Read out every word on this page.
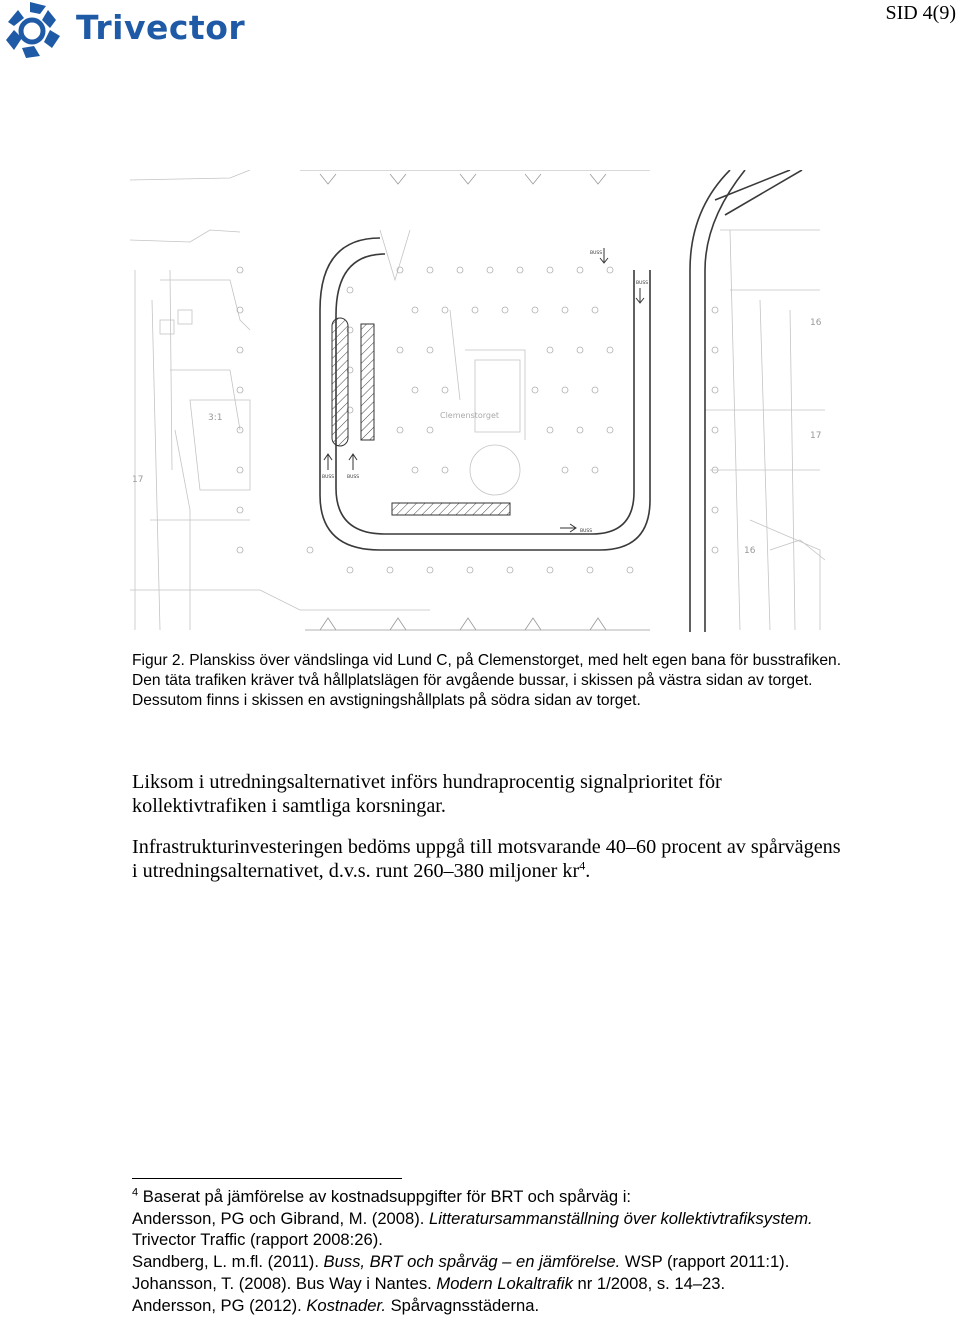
Trivector	SID 4(9)
Clemenstorget
BUSS	BUSS
BUSS
BUSS
BUSS
16
17
16
3:1
17
Figur 2. Planskiss över vändslinga vid Lund C, på Clemenstorget, med helt egen bana för busstrafiken. Den täta trafiken kräver två hållplatslägen för avgående bussar, i skissen på västra sidan av torget. Dessutom finns i skissen en avstigningshållplats på södra sidan av torget.
Liksom i utredningsalternativet införs hundraprocentig signalprioritet för kollektivtrafiken i samtliga korsningar.
Infrastrukturinvesteringen bedöms uppgå till motsvarande 40–60 procent av spårvägens i utredningsalternativet, d.v.s. runt 260–380 miljoner $kr^4$.

$^4$ Baserat på jämförelse av kostnadsuppgifter för BRT och spårväg i:

Andersson, PG och Gibrand, M. (2008). Litteratursammanställning över kollektivtrafiksystem. Trivector Traffic (rapport 2008:26).

Sandberg, L. m.fl. (2011). Buss, BRT och spårväg – en jämförelse. WSP (rapport 2011:1).

Johansson, T. (2008). Bus Way i Nantes. Modern Lokaltrafik nr 1/2008, s. 14–23.

Andersson, PG (2012). Kostnader. Spårvagnsstäderna.
